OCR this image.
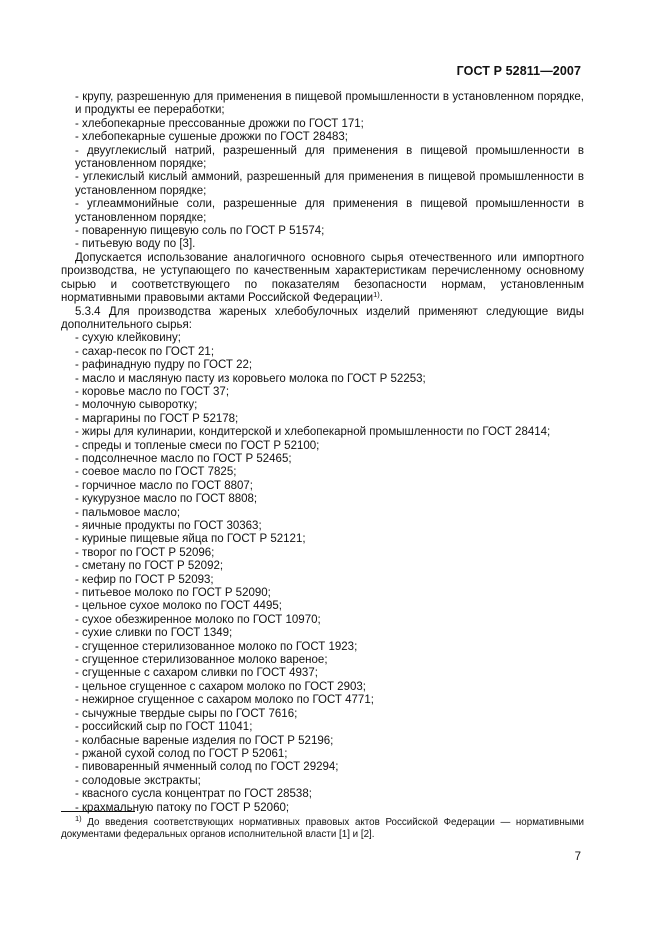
ГОСТ Р 52811—2007

- крупу, разрешенную для применения в пищевой промышленности в установленном порядке, и продукты ее переработки;

- хлебопекарные прессованные дрожжи по ГОСТ 171;

- хлебопекарные сушеные дрожжи по ГОСТ 28483;

- двууглекислый натрий, разрешенный для применения в пищевой промышленности в установленном порядке;

- углекислый кислый аммоний, разрешенный для применения в пищевой промышленности в установленном порядке;

- углеаммонийные соли, разрешенные для применения в пищевой промышленности в установленном порядке;

- поваренную пищевую соль по ГОСТ Р 51574;

- питьевую воду по [3].

Допускается использование аналогичного основного сырья отечественного или импортного производства, не уступающего по качественным характеристикам перечисленному основному сырью и соответствующего по показателям безопасности нормам, установленным нормативными правовыми актами Российской Федерации$^{1)}$.

5.3.4 Для производства жареных хлебобулочных изделий применяют следующие виды дополнительного сырья:

- сухую клейковину;

- сахар-песок по ГОСТ 21;

- рафинадную пудру по ГОСТ 22;

- масло и масляную пасту из коровьего молока по ГОСТ Р 52253;

- коровье масло по ГОСТ 37;

- молочную сыворотку;

- маргарины по ГОСТ Р 52178;

- жиры для кулинарии, кондитерской и хлебопекарной промышленности по ГОСТ 28414;

- спреды и топленые смеси по ГОСТ Р 52100;

- подсолнечное масло по ГОСТ Р 52465;

- соевое масло по ГОСТ 7825;

- горчичное масло по ГОСТ 8807;

- кукурузное масло по ГОСТ 8808;

- пальмовое масло;

- яичные продукты по ГОСТ 30363;

- куриные пищевые яйца по ГОСТ Р 52121;

- творог по ГОСТ Р 52096;

- сметану по ГОСТ Р 52092;

- кефир по ГОСТ Р 52093;

- питьевое молоко по ГОСТ Р 52090;

- цельное сухое молоко по ГОСТ 4495;

- сухое обезжиренное молоко по ГОСТ 10970;

- сухие сливки по ГОСТ 1349;

- сгущенное стерилизованное молоко по ГОСТ 1923;

- сгущенное стерилизованное молоко вареное;

- сгущенные с сахаром сливки по ГОСТ 4937;

- цельное сгущенное с сахаром молоко по ГОСТ 2903;

- нежирное сгущенное с сахаром молоко по ГОСТ 4771;

- сычужные твердые сыры по ГОСТ 7616;

- российский сыр по ГОСТ 11041;

- колбасные вареные изделия по ГОСТ Р 52196;

- ржаной сухой солод по ГОСТ Р 52061;

- пивоваренный ячменный солод по ГОСТ 29294;

- солодовые экстракты;

- квасного сусла концентрат по ГОСТ 28538;

- крахмальную патоку по ГОСТ Р 52060;

$^{1)}$ До введения соответствующих нормативных правовых актов Российской Федерации — нормативными документами федеральных органов исполнительной власти [1] и [2].
7
